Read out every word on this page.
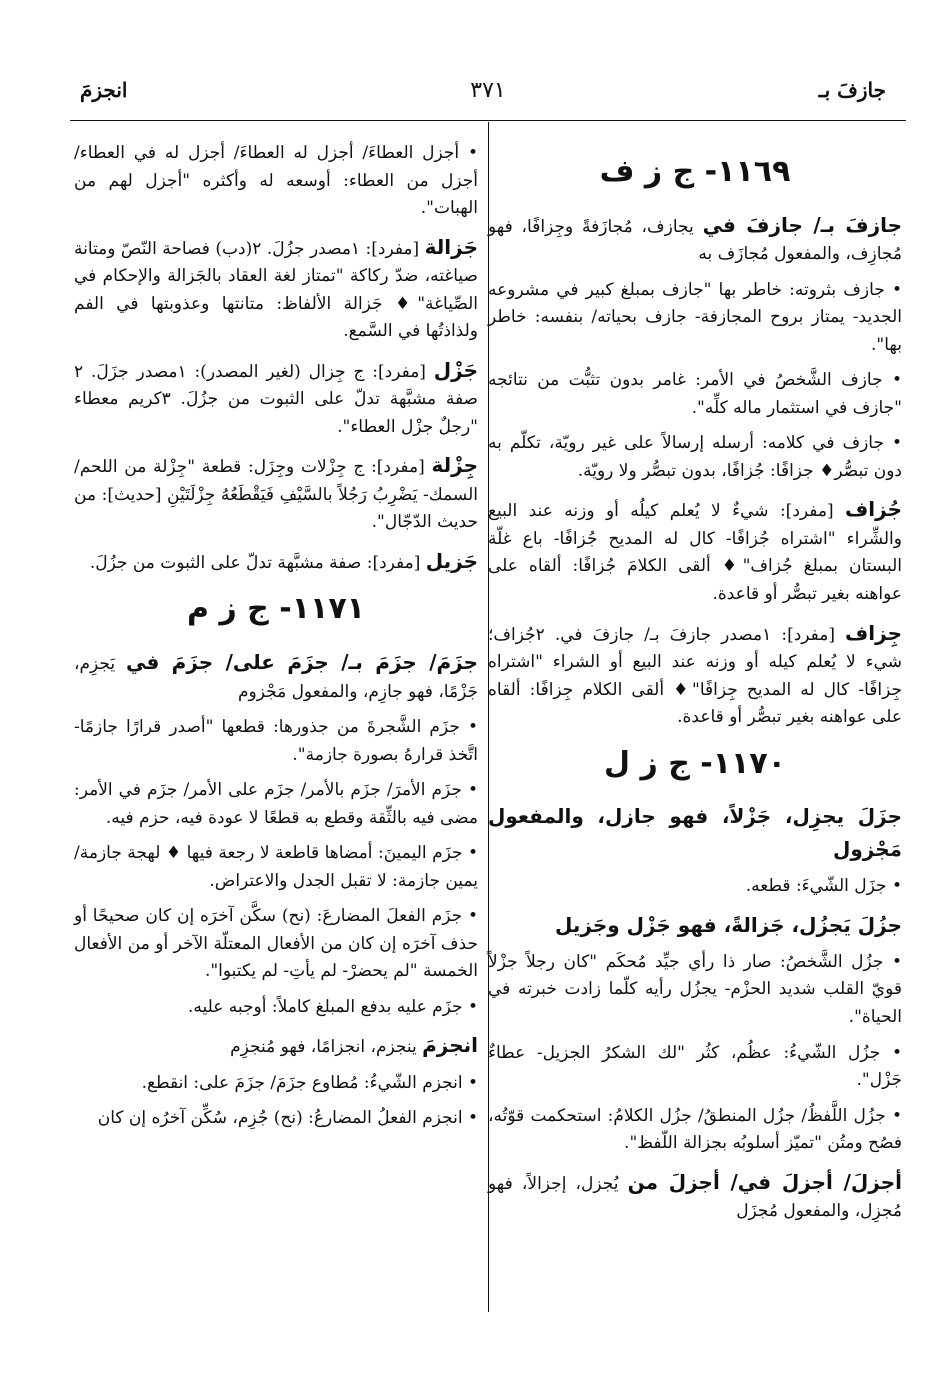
جازفَ بـ
٣٧١
انجزمَ
١١٦٩- ج ز ف

جازفَ بـ/ جازفَ في يجازف، مُجازَفةً وجِزافًا، فهو مُجازِف، والمفعول مُجازَف به

• جازف بثروته: خاطر بها "جازف بمبلغ كبير في مشروعه الجديد- يمتاز بروح المجازفة- جازف بحياته/ بنفسه: خاطر بها".

• جازف الشَّخصُ في الأمر: غامر بدون تثبُّت من نتائجه "جازف في استثمار ماله كلِّه".

• جازف في كلامه: أرسله إرسالاً على غير رويّة، تكلّم به دون تبصُّر♦ جزافًا: جُزافًا، بدون تبصُّر ولا رويّة.

جُزاف [مفرد]: شيءٌ لا يُعلم كيلُه أو وزنه عند البيع والشِّراء "اشتراه جُزافًا- كال له المديح جُزافًا- باع غلّة البستان بمبلغ جُزاف"♦ ألقى الكلامَ جُزافًا: ألقاه على عواهنه بغير تبصُّر أو قاعدة.

جِزاف [مفرد]: ١مصدر جازفَ بـ/ جازفَ في. ٢جُزاف؛ شيء لا يُعلم كيله أو وزنه عند البيع أو الشراء "اشتراه جِزافًا- كال له المديح جِزافًا"♦ ألقى الكلام جِزافًا: ألقاه على عواهنه بغير تبصُّر أو قاعدة.

١١٧٠- ج ز ل

جزَلَ يجزِل، جَزْلاً، فهو جازل، والمفعول مَجْزول

• جزَل الشّيءَ: قطعه.

جزُلَ يَجزُل، جَزالةً، فهو جَزْل وجَزيل

• جزُل الشَّخصُ: صار ذا رأي جيِّد مُحكَم "كان رجلاً جزْلاً قويّ القلب شديد الحزْم- يجزُل رأيه كلّما زادت خبرته في الحياة".

• جزُل الشّيءُ: عظُم، كثُر "لك الشكرُ الجزيل- عطاءٌ جَزْل".

• جزُل اللَّفظُ/ جزُل المنطقُ/ جزُل الكلامُ: استحكمت قوّتُه، فصُح ومتُن "تميّز أسلوبُه بجزالة اللّفظ".

أجزلَ/ أجزلَ في/ أجزلَ من يُجزل، إجزالاً، فهو مُجزِل، والمفعول مُجزَل

• أجزل العطاءَ/ أجزل له العطاءَ/ أجزل له في العطاء/ أجزل من العطاء: أوسعه له وأكثره "أجزل لهم من الهبات".

جَزالة [مفرد]: ١مصدر جزُلَ. ٢(دب) فصاحة النّصّ ومتانة صياغته، ضدّ ركاكة "تمتاز لغة العقاد بالجَزالة والإحكام في الصِّياغة"♦ جَزالة الألفاظ: متانتها وعذوبتها في الفم ولذاذتُها في السَّمع.

جَزْل [مفرد]: ج جِزال (لغير المصدر): ١مصدر جزَلَ. ٢ صفة مشبَّهة تدلّ على الثبوت من جزُلَ. ٣كريم معطاء "رجلٌ جزْل العطاء".

جِزْلة [مفرد]: ج جِزْلات وجِزَل: قطعة "جِزْلة من اللحم/ السمك- يَضْرِبُ رَجُلاً بالسَّيْفِ فَيَقْطَعُهُ جِزْلَتَيْنِ [حديث]: من حديث الدّجّال".

جَزيل [مفرد]: صفة مشبَّهة تدلّ على الثبوت من جزُلَ.

١١٧١- ج ز م

جزَمَ/ جزَمَ بـ/ جزَمَ على/ جزَمَ في يَجزِم، جَزْمًا، فهو جازِم، والمفعول مَجْزوم

• جزَم الشَّجرةَ من جذورها: قطعها "أصدر قرارًا جازمًا- اتَّخذ قرارهُ بصورة جازمة".

• جزَم الأمرَ/ جزَم بالأمر/ جزَم على الأمر/ جزَم في الأمر: مضى فيه بالثِّقة وقطع به قطعًا لا عودة فيه، حزم فيه.

• جزَم اليمينَ: أمضاها قاطعة لا رجعة فيها ♦ لهجة جازمة/ يمين جازمة: لا تقبل الجدل والاعتراض.

• جزَم الفعلَ المضارعَ: (نح) سكَّن آخرَه إن كان صحيحًا أو حذف آخرَه إن كان من الأفعال المعتلّة الآخر أو من الأفعال الخمسة "لم يحضرْ- لم يأتِ- لم يكتبوا".

• جزَم عليه بدفع المبلغ كاملاً: أوجبه عليه.

انجزمَ ينجزم، انجزامًا، فهو مُنجزِم

• انجزم الشّيءُ: مُطاوع جزَمَ/ جزَمَ على: انقطع.

• انجزم الفعلُ المضارعُ: (نح) جُزِم، سُكِّن آخرُه إن كان
